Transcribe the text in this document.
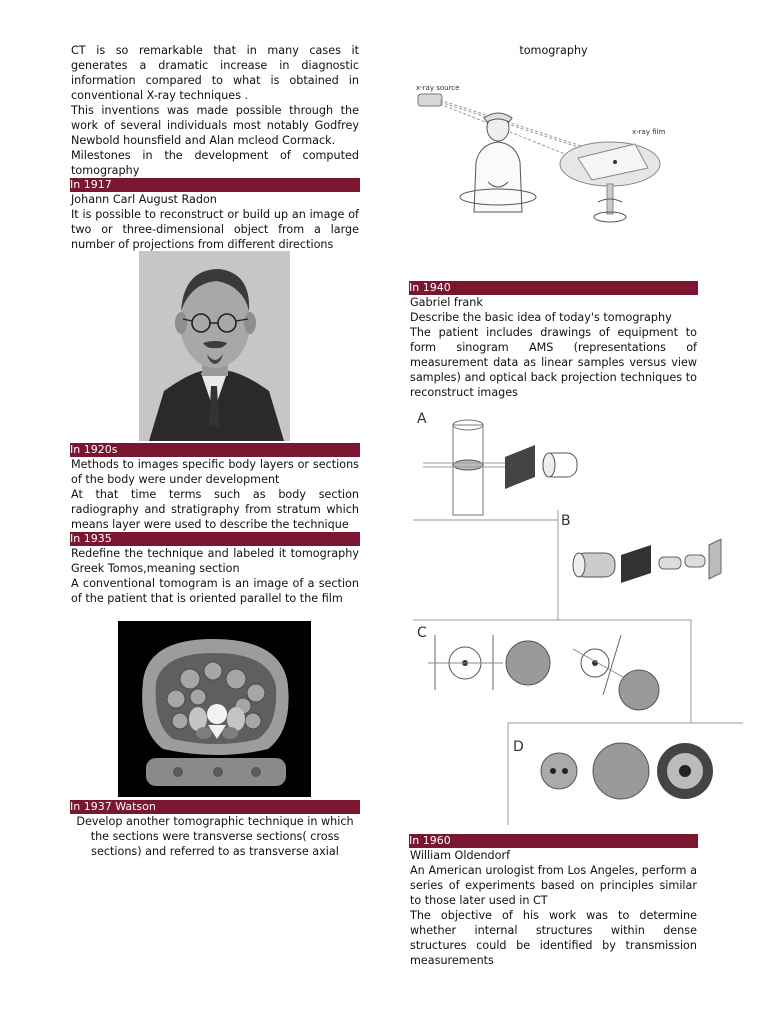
CT is so remarkable that in many cases it generates a dramatic increase in diagnostic information compared to what is obtained in conventional X-ray techniques .

This inventions was made possible through the work of several individuals most notably Godfrey Newbold hounsfield and Alan mcleod Cormack.

Milestones in the development of computed tomography

In 1917

Johann Carl August Radon

It is possible to reconstruct or build up an image of two or three-dimensional object from a large number of projections from different directions

In 1920s

Methods to images specific body layers or sections of the body were under development

At that time terms such as body section radiography and stratigraphy from stratum which means layer were used to describe the technique

In 1935

Redefine the technique and labeled it tomography Greek Tomos,meaning section

A conventional tomogram is an image of a section of the patient that is oriented parallel to the film

In 1937 Watson

Develop another tomographic technique in which the sections were transverse sections( cross sections) and referred to as transverse axial

tomography
x-ray source
x-ray film
In 1940

Gabriel frank

Describe the basic idea of today's tomography

The patient includes drawings of equipment to form sinogram AMS (representations of measurement data as linear samples versus view samples) and optical back projection techniques to reconstruct images

A
B
C
D
In 1960

William Oldendorf

An American urologist from Los Angeles, perform a series of experiments based on principles similar to those later used in CT

The objective of his work was to determine whether internal structures within dense structures could be identified by transmission measurements
